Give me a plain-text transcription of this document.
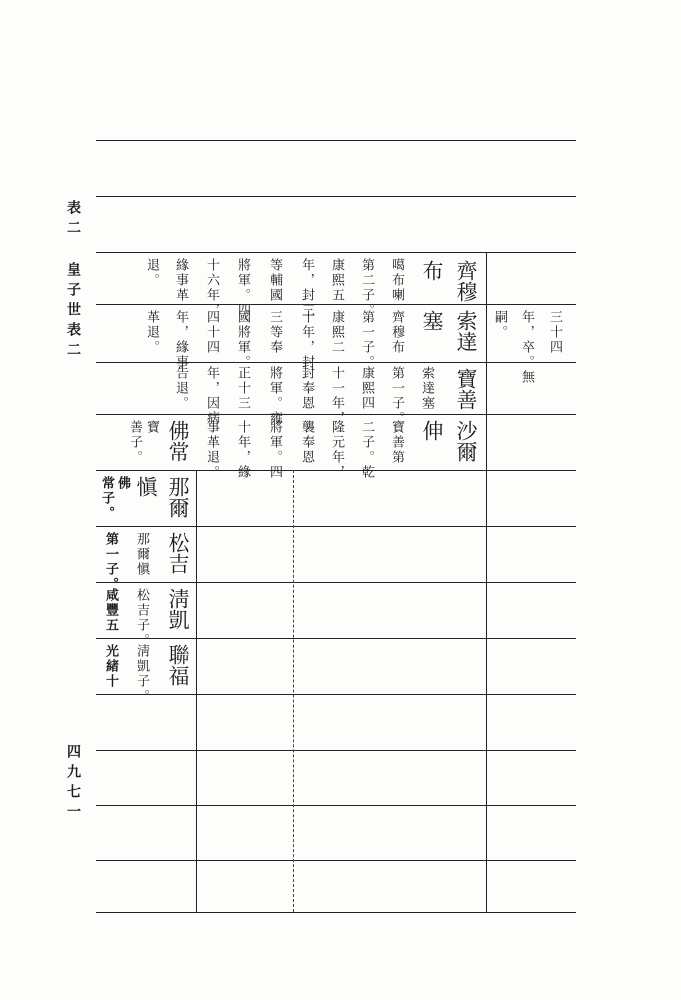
表二
皇子世表二
四九七一
齊穆
布
噶布喇
第二子。
康熙五
年，封三
等輔國
將軍。四
十六年，
緣事革
退。
索達
塞
齊穆布
第一子。
康熙二
十年，封
三等奉
國將軍。
四十四
年，緣事
革退。
寶善
索達塞
第一子。
康熙四
十一年，
封奉恩
將軍。雍
正十三
年，因病
告退。
沙爾
伸
寶善第
二子。乾
隆元年，
襲奉恩
將軍。四
十年，緣
事革退。
佛常
寶
善子。
三十四
年，卒。無
嗣。
那爾
愼
佛
常子。
松吉
那爾愼
第一子。
淸凱
松吉子。
咸豐五
聯福
淸凱子。
光緒十
